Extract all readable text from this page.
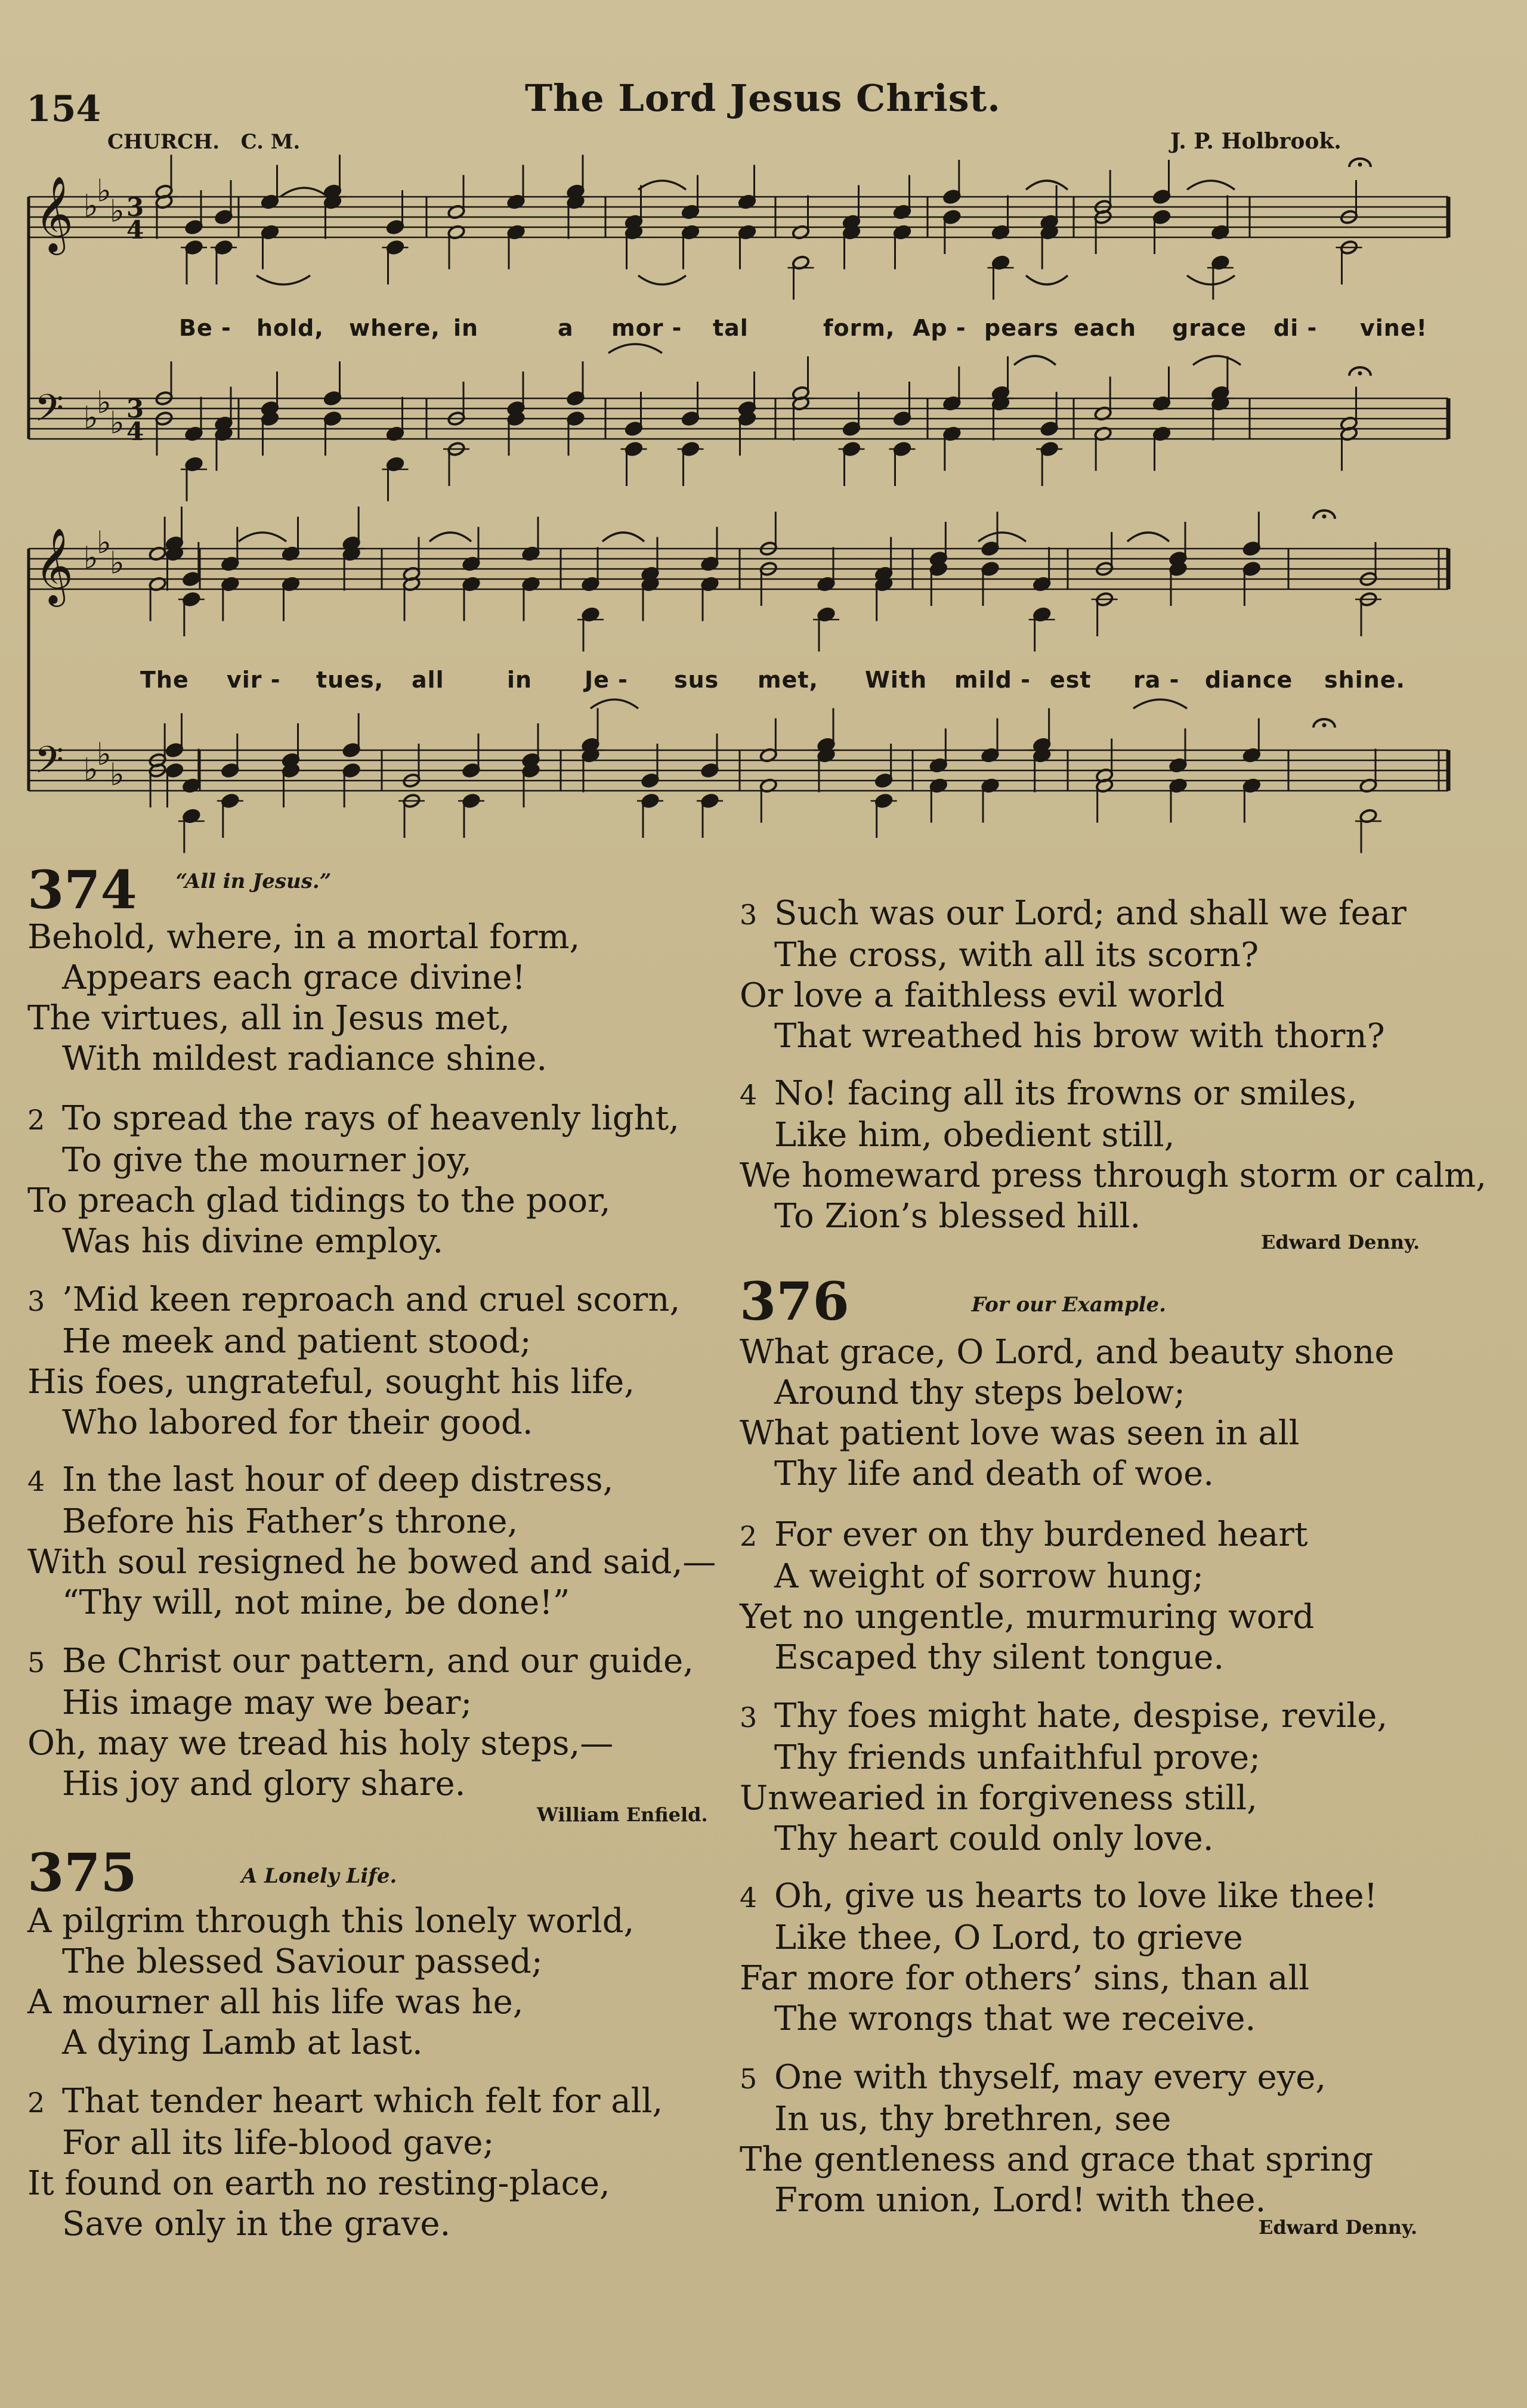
154	The Lord Jesus Christ.
CHURCH. C. M.	J. P. Holbrook.
𝄞 ♭
♭
♭ 3
4
𝄢 ♭
♭
♭ 3
4
𝄞 ♭
♭
♭
𝄢 ♭
♭
♭
Be - hold, where, in	a mor - tal	form, Ap - pears each grace di - vine!
The vir - tues, all	in Je - sus met, With mild - est ra - diance shine.
374 “All in Jesus.”
Behold, where, in a mortal form,
Appears each grace divine!
The virtues, all in Jesus met,
With mildest radiance shine.
2 To spread the rays of heavenly light,
To give the mourner joy,
To preach glad tidings to the poor,
Was his divine employ.
3 ’Mid keen reproach and cruel scorn,
He meek and patient stood;
His foes, ungrateful, sought his life,
Who labored for their good.
4 In the last hour of deep distress,
Before his Father’s throne,
With soul resigned he bowed and said,—
“Thy will, not mine, be done!”
5 Be Christ our pattern, and our guide,
His image may we bear;
Oh, may we tread his holy steps,—
His joy and glory share.
William Enfield.
375	A Lonely Life.
A pilgrim through this lonely world,
The blessed Saviour passed;
A mourner all his life was he,
A dying Lamb at last.
2 That tender heart which felt for all,
For all its life-blood gave;
It found on earth no resting-place,
Save only in the grave.
3 Such was our Lord; and shall we fear
The cross, with all its scorn?
Or love a faithless evil world
That wreathed his brow with thorn?
4 No! facing all its frowns or smiles,
Like him, obedient still,
We homeward press through storm or calm,
To Zion’s blessed hill.
Edward Denny.
376	For our Example.
What grace, O Lord, and beauty shone
Around thy steps below;
What patient love was seen in all
Thy life and death of woe.
2 For ever on thy burdened heart
A weight of sorrow hung;
Yet no ungentle, murmuring word
Escaped thy silent tongue.
3 Thy foes might hate, despise, revile,
Thy friends unfaithful prove;
Unwearied in forgiveness still,
Thy heart could only love.
4 Oh, give us hearts to love like thee!
Like thee, O Lord, to grieve
Far more for others’ sins, than all
The wrongs that we receive.
5 One with thyself, may every eye,
In us, thy brethren, see
The gentleness and grace that spring
From union, Lord! with thee.
Edward Denny.
